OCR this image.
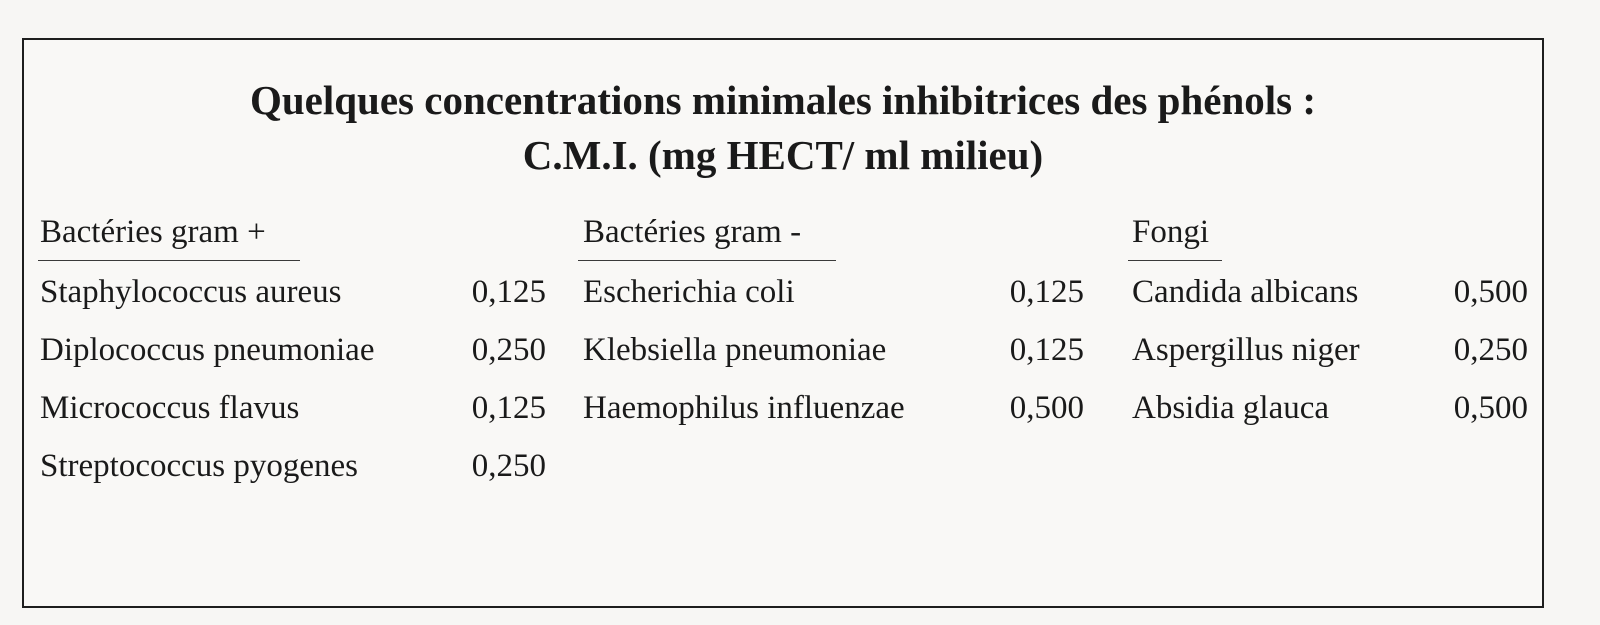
Quelques concentrations minimales inhibitrices des phénols :
C.M.I. (mg HECT/ ml milieu)
Bactéries gram +
Staphylococcus aureus	0,125
Diplococcus pneumoniae	0,250
Micrococcus flavus	0,125
Streptococcus pyogenes	0,250
Bactéries gram -
Escherichia coli	0,125
Klebsiella pneumoniae	0,125
Haemophilus influenzae	0,500
Fongi
Candida albicans	0,500
Aspergillus niger	0,250
Absidia glauca	0,500
